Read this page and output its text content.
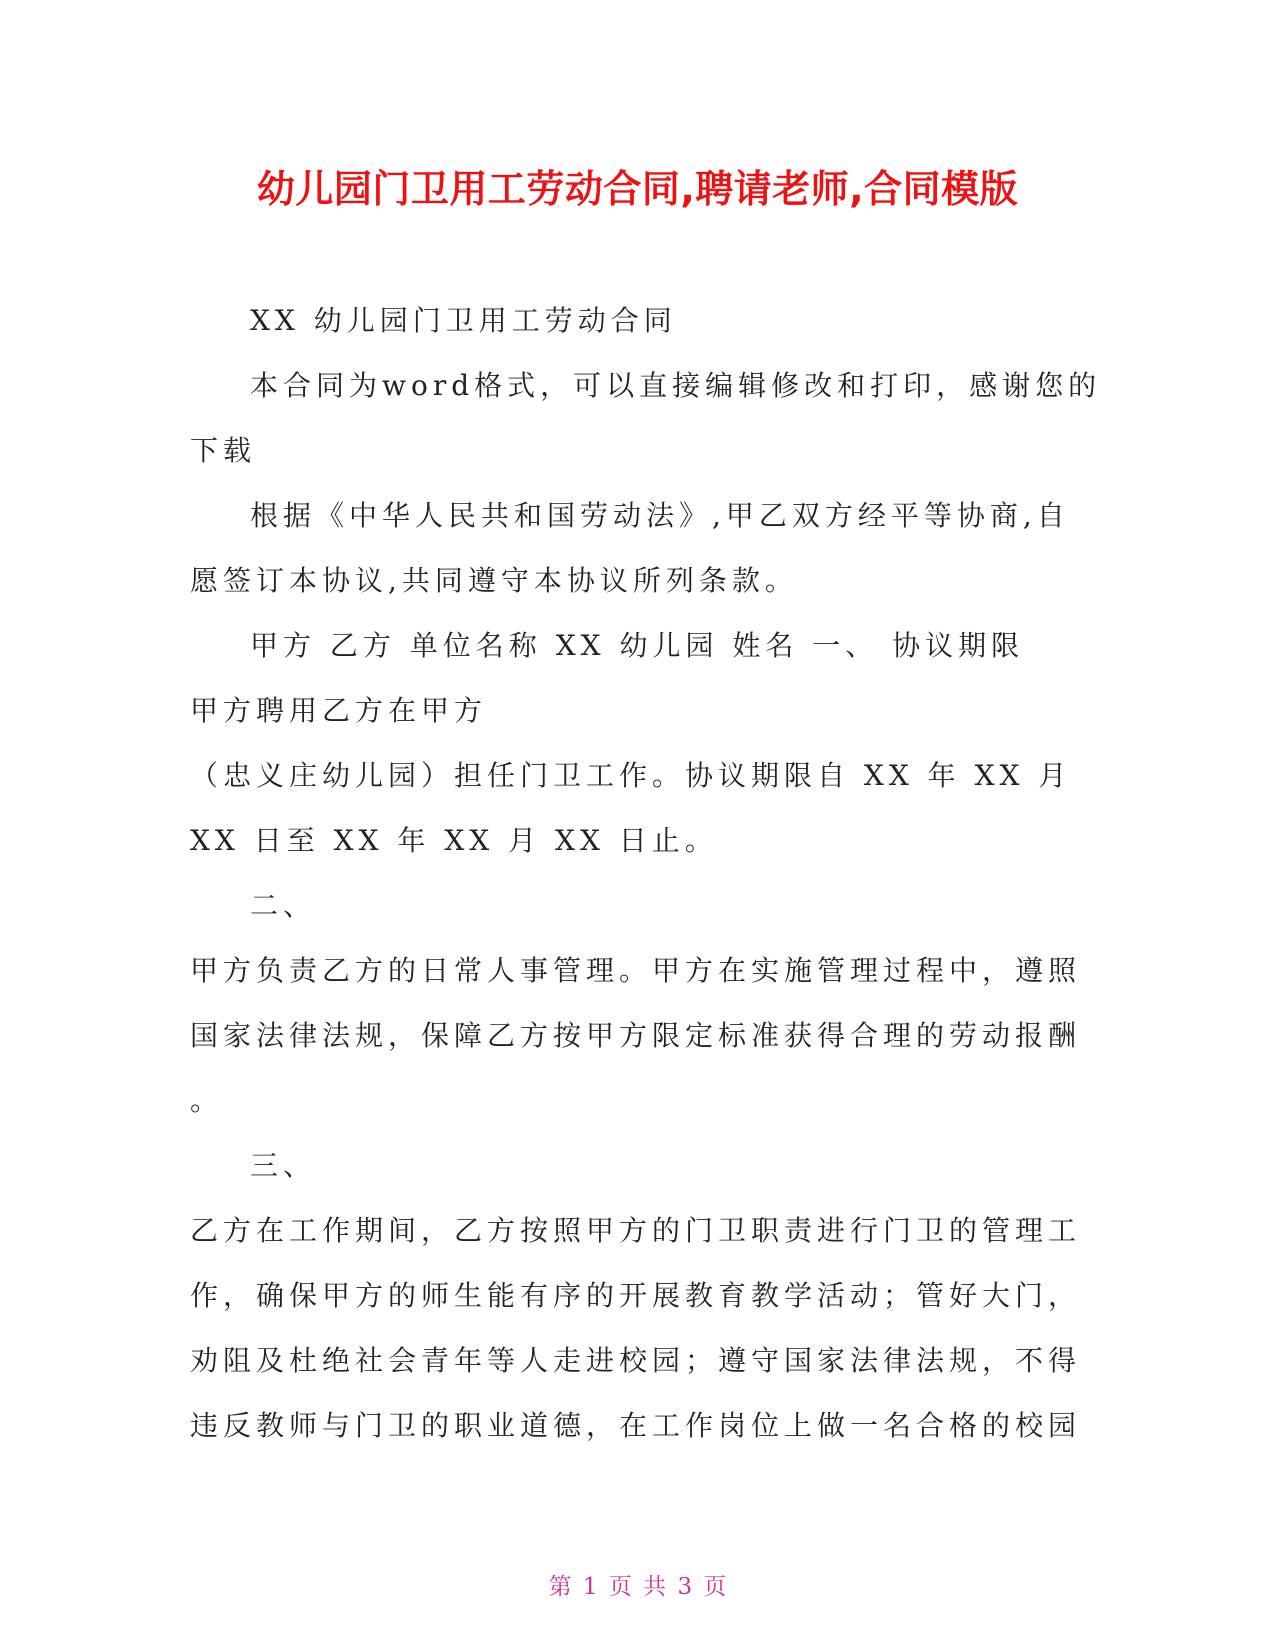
幼儿园门卫用工劳动合同,聘请老师,合同模版

XX 幼儿园门卫用工劳动合同

本合同为word格式，可以直接编辑修改和打印，感谢您的

下载

根据《中华人民共和国劳动法》,甲乙双方经平等协商,自

愿签订本协议,共同遵守本协议所列条款。

甲方 乙方 单位名称 XX 幼儿园 姓名 一、 协议期限

甲方聘用乙方在甲方

（忠义庄幼儿园）担任门卫工作。协议期限自 XX 年 XX 月

XX 日至 XX 年 XX 月 XX 日止。

二、

甲方负责乙方的日常人事管理。甲方在实施管理过程中，遵照

国家法律法规，保障乙方按甲方限定标准获得合理的劳动报酬

。

三、

乙方在工作期间，乙方按照甲方的门卫职责进行门卫的管理工

作，确保甲方的师生能有序的开展教育教学活动；管好大门，

劝阻及杜绝社会青年等人走进校园；遵守国家法律法规，不得

违反教师与门卫的职业道德，在工作岗位上做一名合格的校园

第 1 页 共 3 页
